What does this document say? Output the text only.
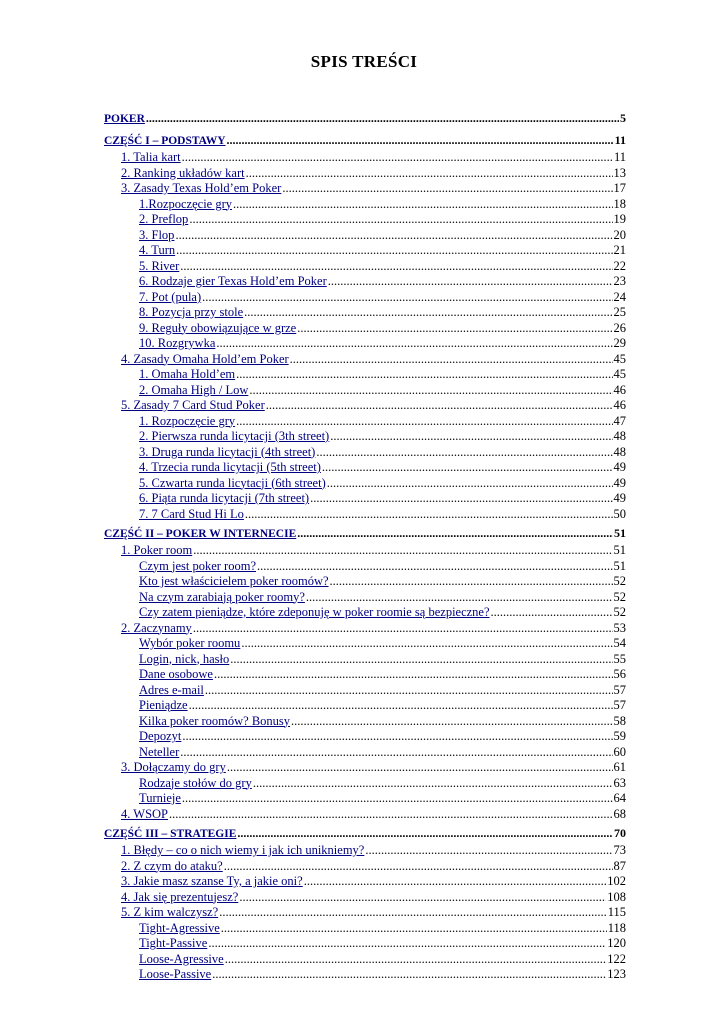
SPIS TREŚCI
POKER .....	5
CZĘŚĆ I – PODSTAWY .....	11
1. Talia kart .....	11
2. Ranking układów kart .....	13
3. Zasady Texas Hold’em Poker .....	17
1.Rozpoczęcie gry .....	18
2. Preflop .....	19
3. Flop .....	20
4. Turn .....	21
5. River .....	22
6. Rodzaje gier Texas Hold’em Poker .....	23
7. Pot (pula) .....	24
8. Pozycja przy stole .....	25
9. Reguły obowiązujące w grze .....	26
10. Rozgrywka .....	29
4. Zasady Omaha Hold’em Poker .....	45
1. Omaha Hold’em .....	45
2. Omaha High / Low .....	46
5. Zasady 7 Card Stud Poker .....	46
1. Rozpoczęcie gry .....	47
2. Pierwsza runda licytacji (3th street) .....	48
3. Druga runda licytacji (4th street) .....	48
4. Trzecia runda licytacji (5th street) .....	49
5. Czwarta runda licytacji (6th street) .....	49
6. Piąta runda licytacji (7th street) .....	49
7. 7 Card Stud Hi Lo .....	50
CZĘŚĆ II – POKER W INTERNECIE .....	51
1. Poker room .....	51
Czym jest poker room? .....	51
Kto jest właścicielem poker roomów? .....	52
Na czym zarabiają poker roomy? .....	52
Czy zatem pieniądze, które zdeponuję w poker roomie są bezpieczne? .....	52
2. Zaczynamy .....	53
Wybór poker roomu .....	54
Login, nick, hasło .....	55
Dane osobowe .....	56
Adres e-mail .....	57
Pieniądze .....	57
Kilka poker roomów? Bonusy .....	58
Depozyt .....	59
Neteller .....	60
3. Dołączamy do gry .....	61
Rodzaje stołów do gry .....	63
Turnieje .....	64
4. WSOP .....	68
CZĘŚĆ III – STRATEGIE .....	70
1. Błędy – co o nich wiemy i jak ich unikniemy? .....	73
2. Z czym do ataku? .....	87
3. Jakie masz szanse Ty, a jakie oni? .....	102
4. Jak się prezentujesz? .....	108
5. Z kim walczysz? .....	115
Tight-Agressive .....	118
Tight-Passive .....	120
Loose-Agressive .....	122
Loose-Passive .....	123
